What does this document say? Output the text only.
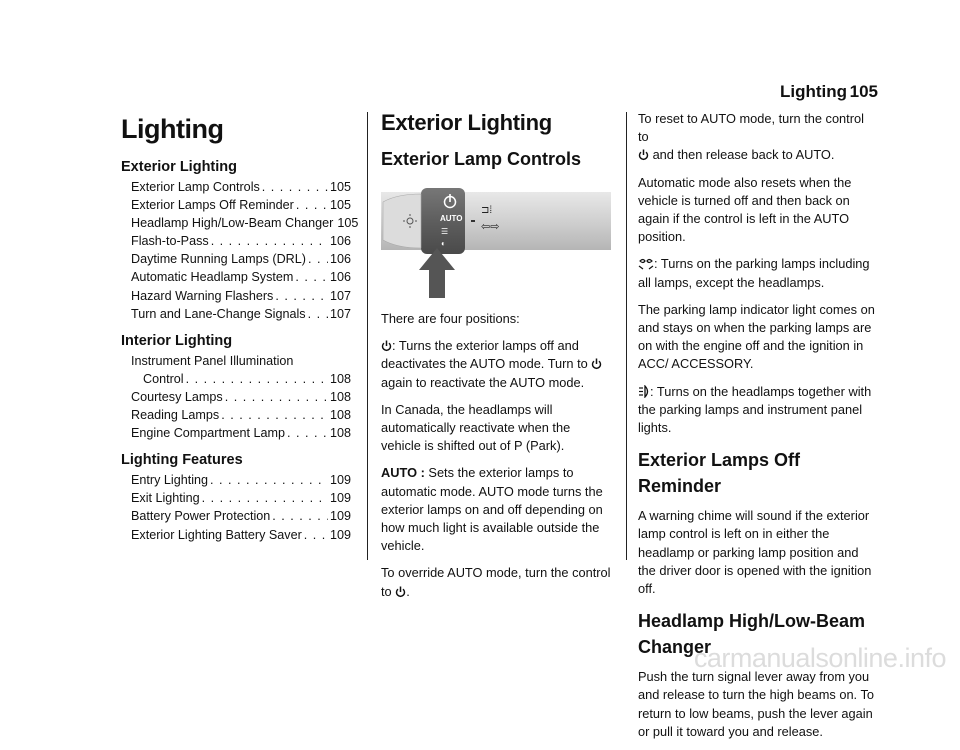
Lighting 105
Lighting
Exterior Lighting
Exterior Lamp Controls . . .	105
Exterior Lamps Off Reminder . . .	105
Headlamp High/Low-Beam Changer 105
Flash-to-Pass . . .	106
Daytime Running Lamps (DRL) . . . 106
Automatic Headlamp System . . .	106
Hazard Warning Flashers . . .	107
Turn and Lane-Change Signals . . . 107
Interior Lighting
Instrument Panel Illumination
Control . . .	108
Courtesy Lamps . . .	108
Reading Lamps . . .	108
Engine Compartment Lamp . . .	108
Lighting Features
Entry Lighting . . .	109
Exit Lighting . . .	109
Battery Power Protection . . .	109
Exterior Lighting Battery Saver . . . 109
Exterior Lighting
Exterior Lamp Controls
AUTO
☰
◐
⊐⁞
⇦⇨

There are four positions:

: Turns the exterior lamps off and deactivates the AUTO mode. Turn to  again to reactivate the AUTO mode.

In Canada, the headlamps will automatically reactivate when the vehicle is shifted out of P (Park).

AUTO : Sets the exterior lamps to automatic mode. AUTO mode turns the exterior lamps on and off depending on how much light is available outside the vehicle.

To override AUTO mode, turn the control to .

To reset to AUTO mode, turn the control to
and then release back to AUTO.

Automatic mode also resets when the vehicle is turned off and then back on again if the control is left in the AUTO position.

: Turns on the parking lamps including all lamps, except the headlamps.

The parking lamp indicator light comes on and stays on when the parking lamps are on with the engine off and the ignition in ACC/ ACCESSORY.

: Turns on the headlamps together with the parking lamps and instrument panel lights.

Exterior Lamps Off Reminder

A warning chime will sound if the exterior lamp control is left on in either the headlamp or parking lamp position and the driver door is opened with the ignition off.

Headlamp High/Low-Beam Changer

Push the turn signal lever away from you and release to turn the high beams on. To return to low beams, push the lever again or pull it toward you and release.

carmanualsonline.info
